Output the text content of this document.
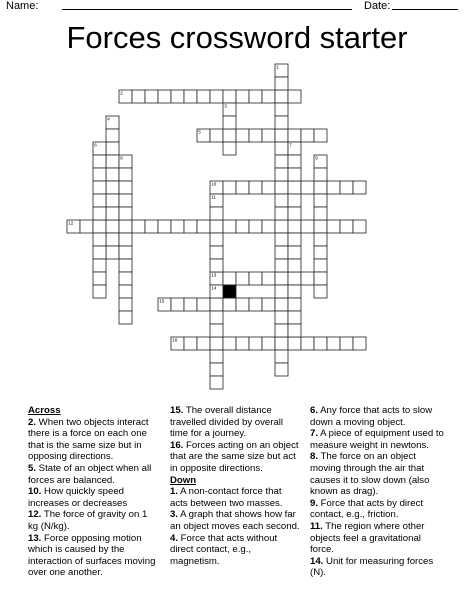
Name:	Date:
Forces crossword starter
1
2
3
4
5
6	7
8	9
10
11
12
13
14
15
16
Across
2. When two objects interact there is a force on each one that is the same size but in opposing directions.
5. State of an object when all forces are balanced.
10. How quickly speed increases or decreases
12. The force of gravity on 1 kg (N/kg).
13. Force opposing motion which is caused by the interaction of surfaces moving over one another.
15. The overall distance travelled divided by overall time for a journey.
16. Forces acting on an object that are the same size but act in opposite directions.
Down
1. A non-contact force that acts between two masses.
3. A graph that shows how far an object moves each second.
4. Force that acts without direct contact, e.g., magnetism.
6. Any force that acts to slow down a moving object.
7. A piece of equipment used to measure weight in newtons.
8. The force on an object moving through the air that causes it to slow down (also known as drag).
9. Force that acts by direct contact, e.g., friction.
11. The region where other objects feel a gravitational force.
14. Unit for measuring forces (N).
